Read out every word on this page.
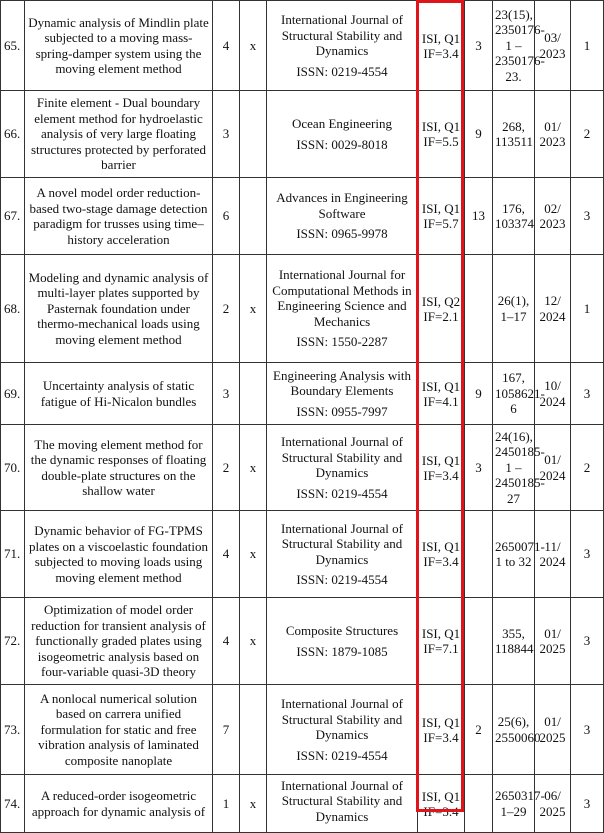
65.	Dynamic analysis of Mindlin plate subjected to a moving mass-spring-damper system using the moving element method	4	x	International Journal of Structural Stability and Dynamics
ISSN: 0219-4554	ISI, Q1 IF=3.4	3	23(15), 2350176-1 – 2350176-23.	03/ 2023	1
66.	Finite element - Dual boundary element method for hydroelastic analysis of very large floating structures protected by perforated barrier	3		Ocean Engineering
ISSN: 0029-8018	ISI, Q1 IF=5.5	9	268, 113511	01/ 2023	2
67.	A novel model order reduction-based two-stage damage detection paradigm for trusses using time–history acceleration	6		Advances in Engineering Software
ISSN: 0965-9978	ISI, Q1 IF=5.7	13	176, 103374	02/ 2023	3
68.	Modeling and dynamic analysis of multi-layer plates supported by Pasternak foundation under thermo-mechanical loads using moving element method	2	x	International Journal for Computational Methods in Engineering Science and Mechanics
ISSN: 1550-2287	ISI, Q2 IF=2.1		26(1), 1–17	12/ 2024	1
69.	Uncertainty analysis of static fatigue of Hi-Nicalon bundles	3		Engineering Analysis with Boundary Elements
ISSN: 0955-7997	ISI, Q1 IF=4.1	9	167, 1058621-6	10/ 2024	3
70.	The moving element method for the dynamic responses of floating double-plate structures on the shallow water	2	x	International Journal of Structural Stability and Dynamics
ISSN: 0219-4554	ISI, Q1 IF=3.4	3	24(16), 2450185-1 – 2450185-27	01/ 2024	2
71.	Dynamic behavior of FG-TPMS plates on a viscoelastic foundation subjected to moving loads using moving element method	4	x	International Journal of Structural Stability and Dynamics
ISSN: 0219-4554	ISI, Q1 IF=3.4		2650071-1 to 32	11/ 2024	3
72.	Optimization of model order reduction for transient analysis of functionally graded plates using isogeometric analysis based on four-variable quasi-3D theory	4	x	Composite Structures
ISSN: 1879-1085	ISI, Q1 IF=7.1		355, 118844	01/ 2025	3
73.	A nonlocal numerical solution based on carrera unified formulation for static and free vibration analysis of laminated composite nanoplate	7		International Journal of Structural Stability and Dynamics
ISSN: 0219-4554	ISI, Q1 IF=3.4	2	25(6), 2550060	01/ 2025	3
74.	A reduced-order isogeometric approach for dynamic analysis of	1	x	International Journal of Structural Stability and Dynamics	ISI, Q1 IF=3.4		2650317-1–29	06/ 2025	3
